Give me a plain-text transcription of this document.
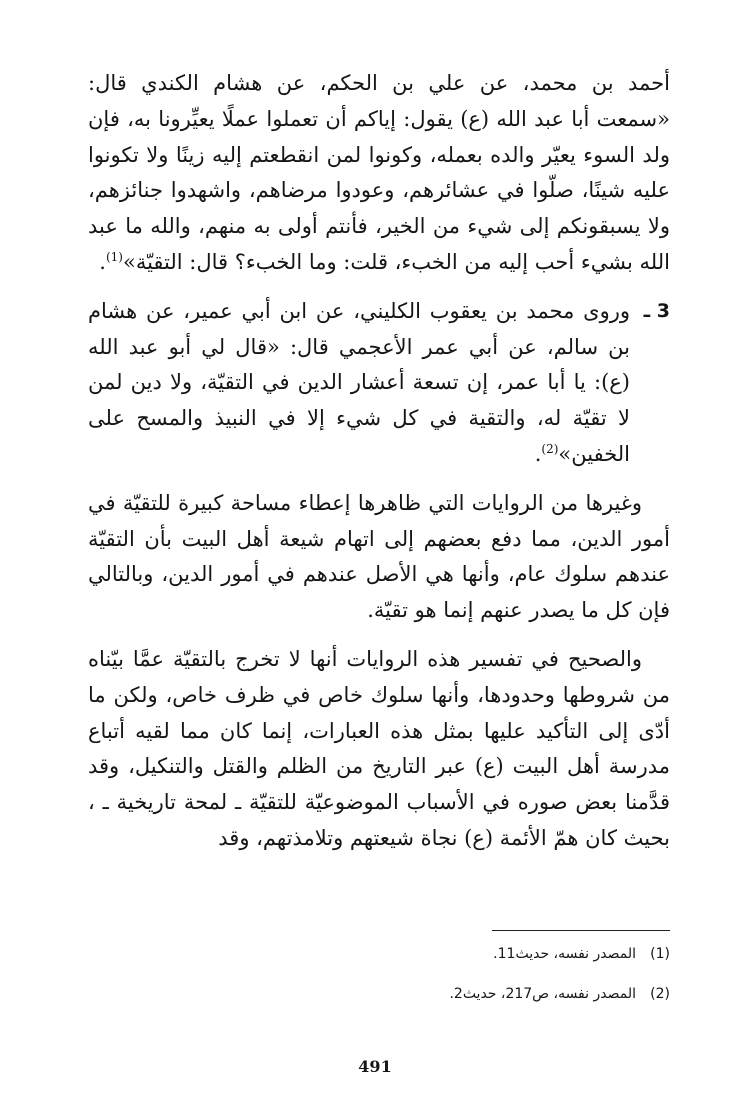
أحمد بن محمد، عن علي بن الحكم، عن هشام الكندي قال: «سمعت أبا عبد الله (ع) يقول: إياكم أن تعملوا عملًا يعيِّرونا به، فإن ولد السوء يعيّر والده بعمله، وكونوا لمن انقطعتم إليه زينًا ولا تكونوا عليه شينًا، صلّوا في عشائرهم، وعودوا مرضاهم، واشهدوا جنائزهم، ولا يسبقونكم إلى شيء من الخير، فأنتم أولى به منهم، والله ما عبد الله بشيء أحب إليه من الخبء، قلت: وما الخبء؟ قال: التقيّة»$^{(1)}$.

3 ـ
وروى محمد بن يعقوب الكليني، عن ابن أبي عمير، عن هشام بن سالم، عن أبي عمر الأعجمي قال: «قال لي أبو عبد الله (ع): يا أبا عمر، إن تسعة أعشار الدين في التقيّة، ولا دين لمن لا تقيّة له، والتقية في كل شيء إلا في النبيذ والمسح على الخفين»$^{(2)}$.

وغيرها من الروايات التي ظاهرها إعطاء مساحة كبيرة للتقيّة في أمور الدين، مما دفع بعضهم إلى اتهام شيعة أهل البيت بأن التقيّة عندهم سلوك عام، وأنها هي الأصل عندهم في أمور الدين، وبالتالي فإن كل ما يصدر عنهم إنما هو تقيّة.

والصحيح في تفسير هذه الروايات أنها لا تخرج بالتقيّة عمَّا بيّناه من شروطها وحدودها، وأنها سلوك خاص في ظرف خاص، ولكن ما أدّى إلى التأكيد عليها بمثل هذه العبارات، إنما كان مما لقيه أتباع مدرسة أهل البيت (ع) عبر التاريخ من الظلم والقتل والتنكيل، وقد قدَّمنا بعض صوره في الأسباب الموضوعيّة للتقيّة ـ لمحة تاريخية ـ ، بحيث كان همّ الأئمة (ع) نجاة شيعتهم وتلامذتهم، وقد

(1)المصدر نفسه، حديث11.
(2)المصدر نفسه، ص217، حديث2.
491
